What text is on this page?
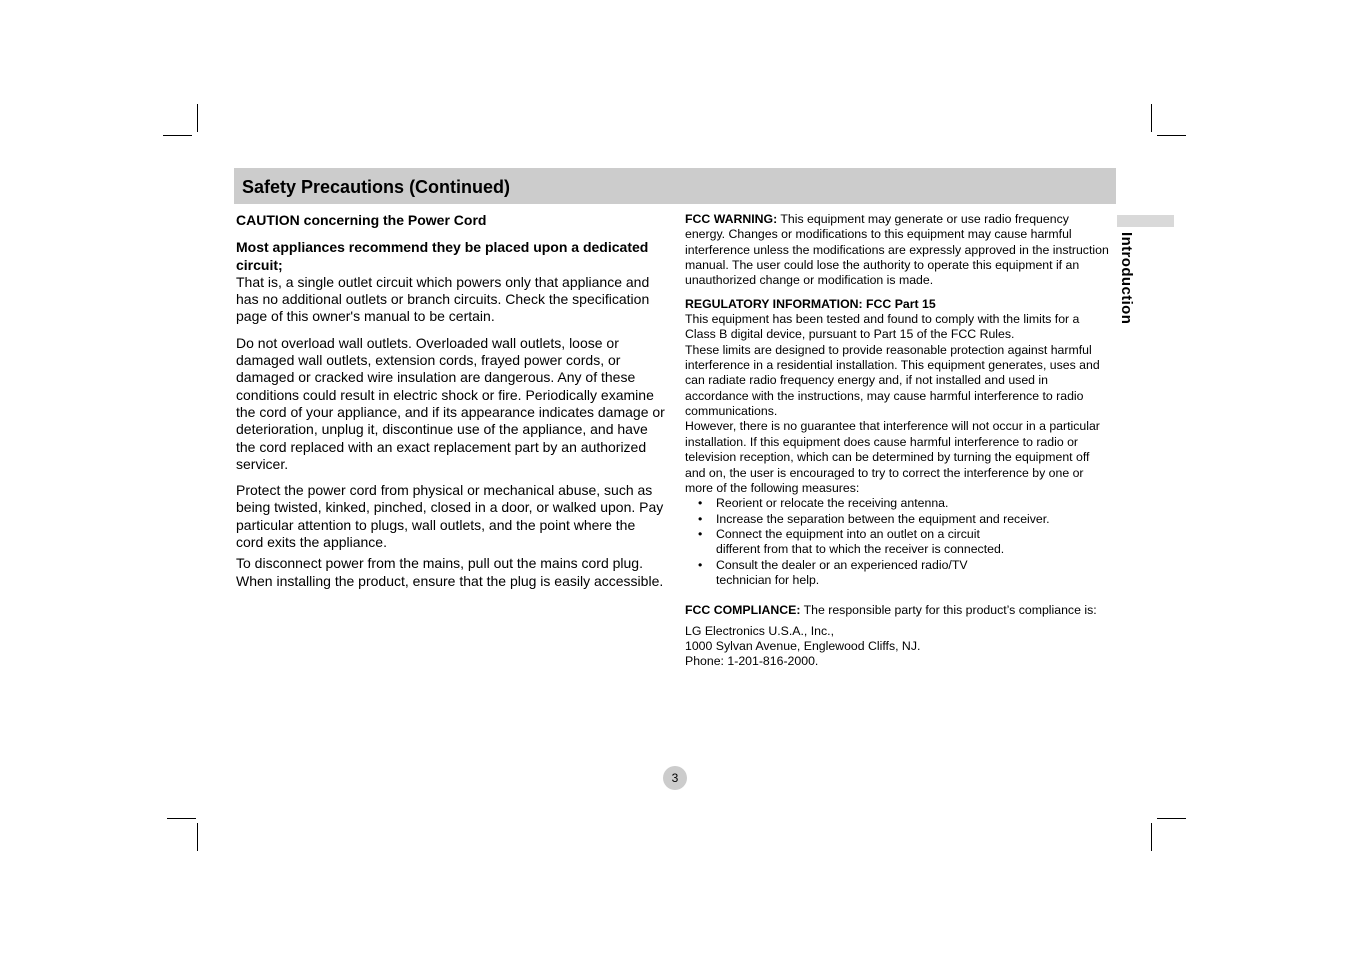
Safety Precautions (Continued)
Introduction

CAUTION concerning the Power Cord

Most appliances recommend they be placed upon a dedicated circuit;

That is, a single outlet circuit which powers only that appliance and has no additional outlets or branch circuits. Check the specification page of this owner's manual to be certain.

Do not overload wall outlets. Overloaded wall outlets, loose or damaged wall outlets, extension cords, frayed power cords, or damaged or cracked wire insulation are dangerous. Any of these conditions could result in electric shock or fire. Periodically examine the cord of your appliance, and if its appearance indicates damage or deterioration, unplug it, discontinue use of the appliance, and have the cord replaced with an exact replacement part by an authorized servicer.

Protect the power cord from physical or mechanical abuse, such as being twisted, kinked, pinched, closed in a door, or walked upon. Pay particular attention to plugs, wall outlets, and the point where the cord exits the appliance.

To disconnect power from the mains, pull out the mains cord plug. When installing the product, ensure that the plug is easily accessible.

FCC WARNING: This equipment may generate or use radio frequency energy. Changes or modifications to this equipment may cause harmful interference unless the modifications are expressly approved in the instruction manual. The user could lose the authority to operate this equipment if an unauthorized change or modification is made.

REGULATORY INFORMATION: FCC Part 15

This equipment has been tested and found to comply with the limits for a Class B digital device, pursuant to Part 15 of the FCC Rules.

These limits are designed to provide reasonable protection against harmful interference in a residential installation. This equipment generates, uses and can radiate radio frequency energy and, if not installed and used in accordance with the instructions, may cause harmful interference to radio communications.

However, there is no guarantee that interference will not occur in a particular installation. If this equipment does cause harmful interference to radio or television reception, which can be determined by turning the equipment off and on, the user is encouraged to try to correct the interference by one or more of the following measures:

• Reorient or relocate the receiving antenna.
• Increase the separation between the equipment and receiver.
• Connect the equipment into an outlet on a circuit different from that to which the receiver is connected.
• Consult the dealer or an experienced radio/TV technician for help.

FCC COMPLIANCE: The responsible party for this product’s compliance is:

LG Electronics U.S.A., Inc.,

1000 Sylvan Avenue, Englewood Cliffs, NJ.

Phone: 1-201-816-2000.

3
